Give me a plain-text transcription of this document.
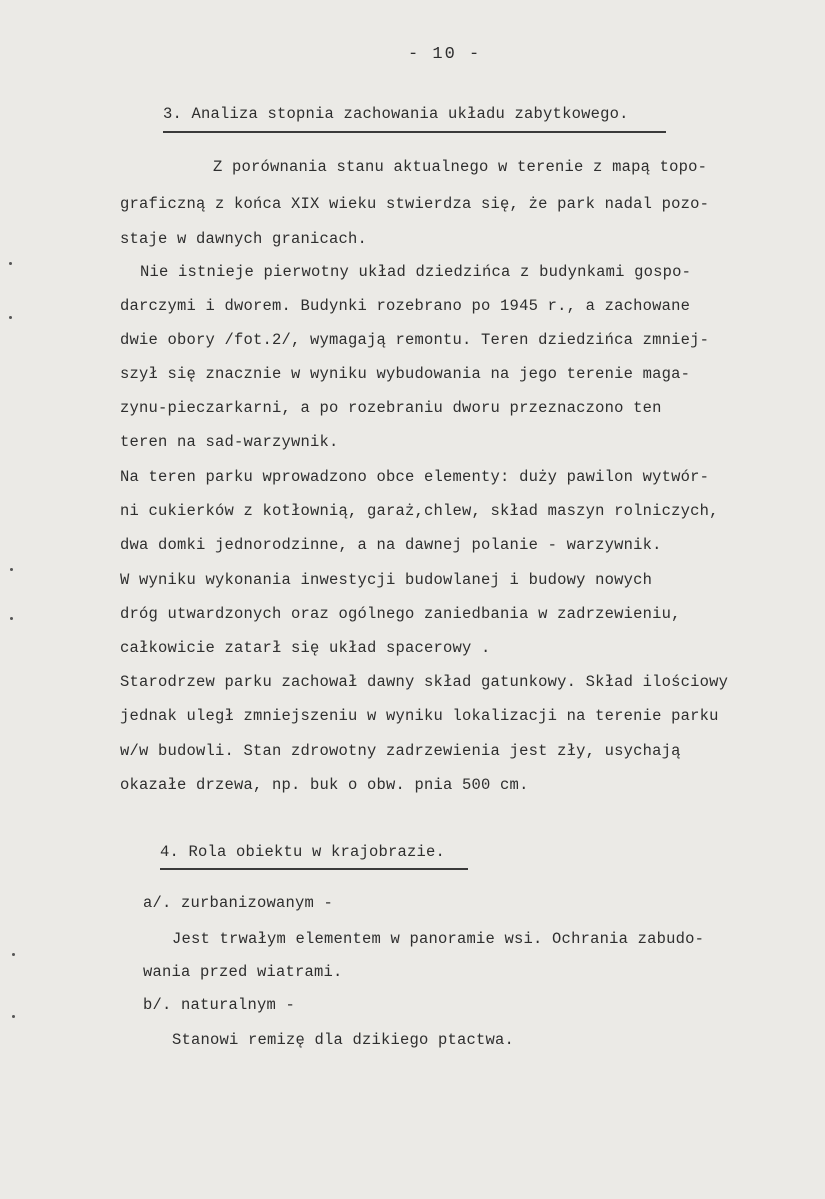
- 10 -
3. Analiza stopnia zachowania układu zabytkowego.
Z porównania stanu aktualnego w terenie z mapą topo-
graficzną z końca XIX wieku stwierdza się, że park nadal pozo-
staje w dawnych granicach.
Nie istnieje pierwotny układ dziedzińca z budynkami gospo-
darczymi i dworem. Budynki rozebrano po 1945 r., a zachowane
dwie obory /fot.2/, wymagają remontu. Teren dziedzińca zmniej-
szył się znacznie w wyniku wybudowania na jego terenie maga-
zynu-pieczarkarni, a po rozebraniu dworu przeznaczono ten
teren na sad-warzywnik.
Na teren parku wprowadzono obce elementy: duży pawilon wytwór-
ni cukierków z kotłownią, garaż,chlew, skład maszyn rolniczych,
dwa domki jednorodzinne, a na dawnej polanie - warzywnik.
W wyniku wykonania inwestycji budowlanej i budowy nowych
dróg utwardzonych oraz ogólnego zaniedbania w zadrzewieniu,
całkowicie zatarł się układ spacerowy .
Starodrzew parku zachował dawny skład gatunkowy. Skład ilościowy
jednak uległ zmniejszeniu w wyniku lokalizacji na terenie parku
w/w budowli. Stan zdrowotny zadrzewienia jest zły, usychają
okazałe drzewa, np. buk o obw. pnia 500 cm.
4. Rola obiektu w krajobrazie.
a/. zurbanizowanym -
Jest trwałym elementem w panoramie wsi. Ochrania zabudo-
wania przed wiatrami.
b/. naturalnym -
Stanowi remizę dla dzikiego ptactwa.
